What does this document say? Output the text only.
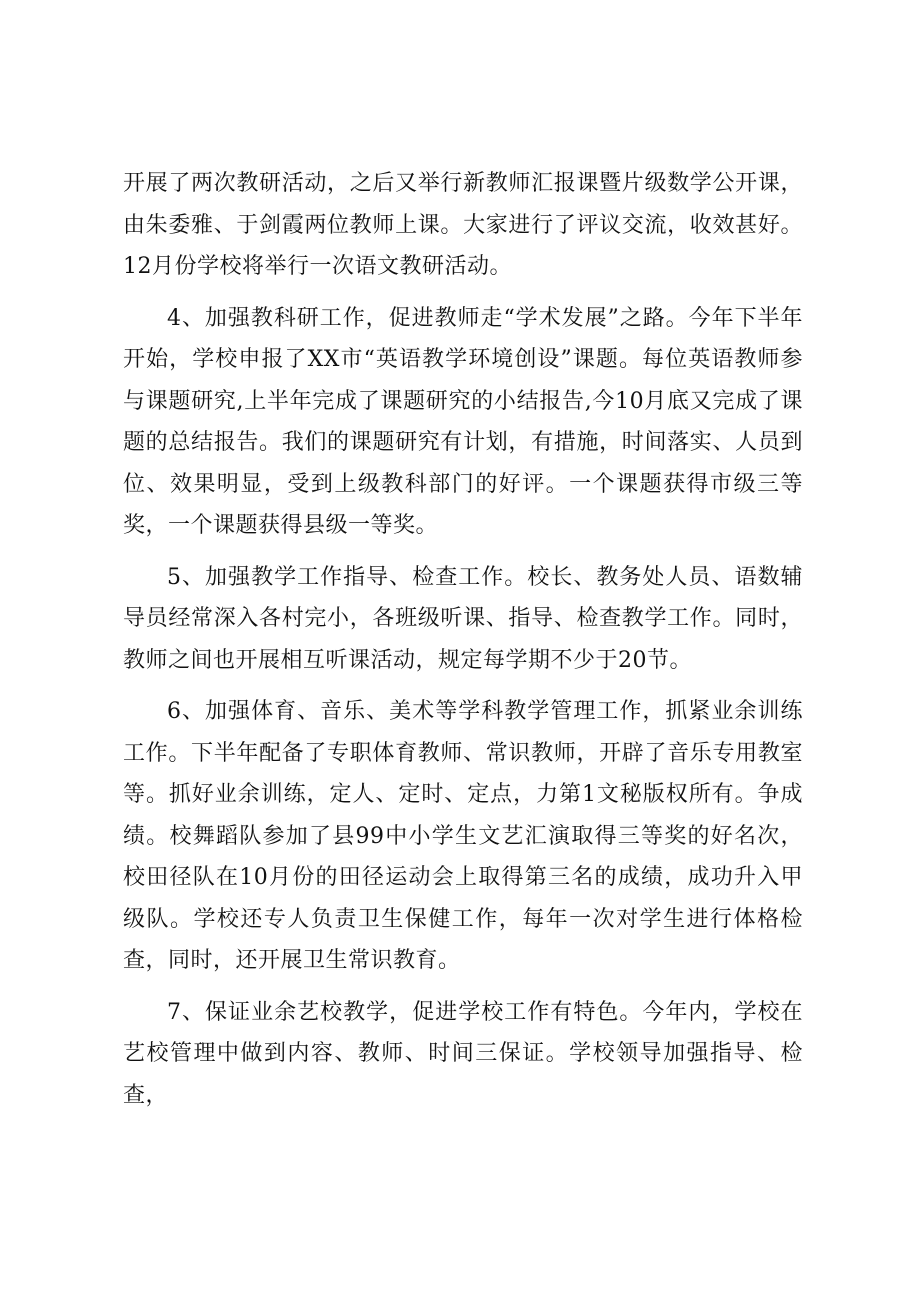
开展了两次教研活动，之后又举行新教师汇报课暨片级数学公开课，由朱委雅、于剑霞两位教师上课。大家进行了评议交流，收效甚好。12月份学校将举行一次语文教研活动。

4、加强教科研工作，促进教师走“学术发展”之路。今年下半年开始，学校申报了XX市“英语教学环境创设”课题。每位英语教师参与课题研究,上半年完成了课题研究的小结报告,今10月底又完成了课题的总结报告。我们的课题研究有计划，有措施，时间落实、人员到位、效果明显，受到上级教科部门的好评。一个课题获得市级三等奖，一个课题获得县级一等奖。

5、加强教学工作指导、检查工作。校长、教务处人员、语数辅导员经常深入各村完小，各班级听课、指导、检查教学工作。同时，教师之间也开展相互听课活动，规定每学期不少于20节。

6、加强体育、音乐、美术等学科教学管理工作，抓紧业余训练工作。下半年配备了专职体育教师、常识教师，开辟了音乐专用教室等。抓好业余训练，定人、定时、定点，力第1文秘版权所有。争成绩。校舞蹈队参加了县99中小学生文艺汇演取得三等奖的好名次，校田径队在10月份的田径运动会上取得第三名的成绩，成功升入甲级队。学校还专人负责卫生保健工作，每年一次对学生进行体格检查，同时，还开展卫生常识教育。

7、保证业余艺校教学，促进学校工作有特色。今年内，学校在艺校管理中做到内容、教师、时间三保证。学校领导加强指导、检查，
